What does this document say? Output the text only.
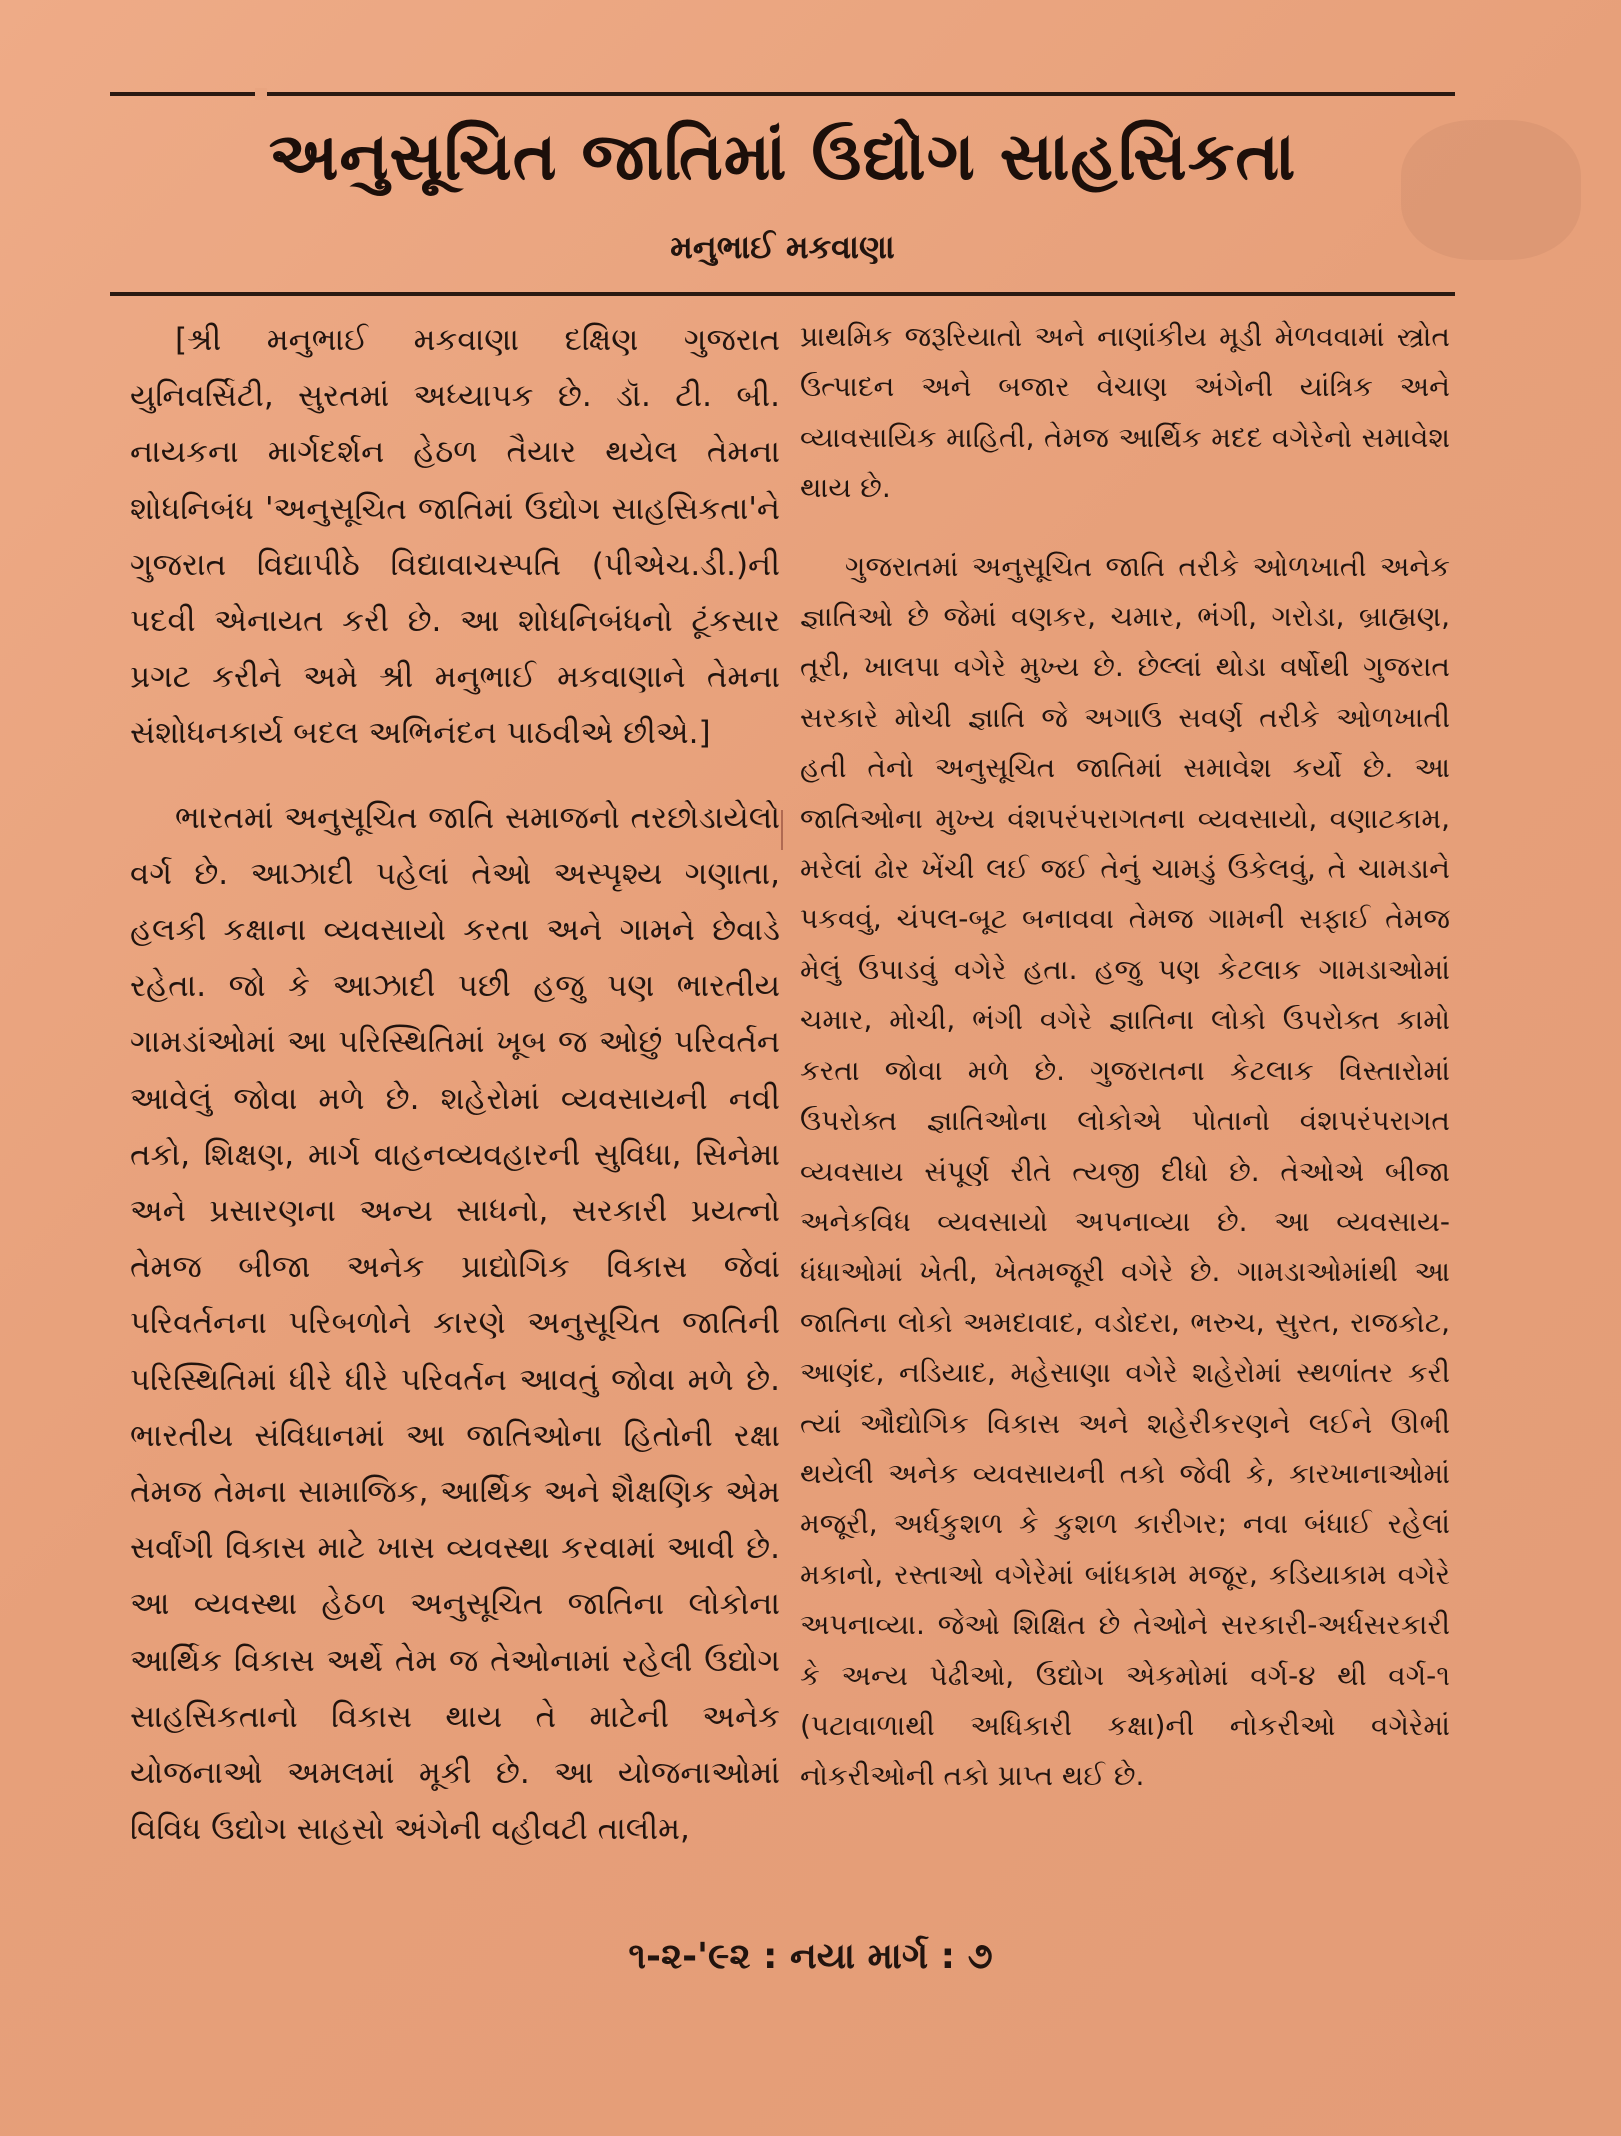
અનુસૂચિત જાતિમાં ઉદ્યોગ સાહસિકતા
મનુભાઈ મકવાણા

[શ્રી મનુભાઈ મકવાણા દક્ષિણ ગુજરાત યુનિવર્સિટી, સુરતમાં અધ્યાપક છે. ડૉ. ટી. બી. નાયકના માર્ગદર્શન હેઠળ તૈયાર થયેલ તેમના શોધનિબંધ 'અનુસૂચિત જાતિમાં ઉદ્યોગ સાહસિકતા'ને ગુજરાત વિદ્યાપીઠે વિદ્યાવાચસ્પતિ (પીએચ.ડી.)ની પદવી એનાયત કરી છે. આ શોધનિબંધનો ટૂંકસાર પ્રગટ કરીને અમે શ્રી મનુભાઈ મકવાણાને તેમના સંશોધનકાર્ય બદલ અભિનંદન પાઠવીએ છીએ.]

ભારતમાં અનુસૂચિત જાતિ સમાજનો તરછોડાયેલો વર્ગ છે. આઝાદી પહેલાં તેઓ અસ્પૃશ્ય ગણાતા, હલકી કક્ષાના વ્યવસાયો કરતા અને ગામને છેવાડે રહેતા. જો કે આઝાદી પછી હજુ પણ ભારતીય ગામડાંઓમાં આ પરિસ્થિતિમાં ખૂબ જ ઓછું પરિવર્તન આવેલું જોવા મળે છે. શહેરોમાં વ્યવસાયની નવી તકો, શિક્ષણ, માર્ગ વાહનવ્યવહારની સુવિધા, સિનેમા અને પ્રસારણના અન્ય સાધનો, સરકારી પ્રયત્નો તેમજ બીજા અનેક પ્રાદ્યોગિક વિકાસ જેવાં પરિવર્તનના પરિબળોને કારણે અનુસૂચિત જાતિની પરિસ્થિતિમાં ધીરે ધીરે પરિવર્તન આવતું જોવા મળે છે. ભારતીય સંવિધાનમાં આ જાતિઓના હિતોની રક્ષા તેમજ તેમના સામાજિક, આર્થિક અને શૈક્ષણિક એમ સર્વાંગી વિકાસ માટે ખાસ વ્યવસ્થા કરવામાં આવી છે. આ વ્યવસ્થા હેઠળ અનુસૂચિત જાતિના લોકોના આર્થિક વિકાસ અર્થે તેમ જ તેઓનામાં રહેલી ઉદ્યોગ સાહસિકતાનો વિકાસ થાય તે માટેની અનેક યોજનાઓ અમલમાં મૂકી છે. આ યોજનાઓમાં વિવિધ ઉદ્યોગ સાહસો અંગેની વહીવટી તાલીમ,

પ્રાથમિક જરૂરિયાતો અને નાણાંકીય મૂડી મેળવવામાં સ્ત્રોત ઉત્પાદન અને બજાર વેચાણ અંગેની યાંત્રિક અને વ્યાવસાયિક માહિતી, તેમજ આર્થિક મદદ વગેરેનો સમાવેશ થાય છે.

ગુજરાતમાં અનુસૂચિત જાતિ તરીકે ઓળખાતી અનેક જ્ઞાતિઓ છે જેમાં વણકર, ચમાર, ભંગી, ગરોડા, બ્રાહ્મણ, તૂરી, ખાલપા વગેરે મુખ્ય છે. છેલ્લાં થોડા વર્ષોથી ગુજરાત સરકારે મોચી જ્ઞાતિ જે અગાઉ સવર્ણ તરીકે ઓળખાતી હતી તેનો અનુસૂચિત જાતિમાં સમાવેશ કર્યો છે. આ જાતિઓના મુખ્ય વંશપરંપરાગતના વ્યવસાયો, વણાટકામ, મરેલાં ઢોર ખેંચી લઈ જઈ તેનું ચામડું ઉકેલવું, તે ચામડાને પકવવું, ચંપલ-બૂટ બનાવવા તેમજ ગામની સફાઈ તેમજ મેલું ઉપાડવું વગેરે હતા. હજુ પણ કેટલાક ગામડાઓમાં ચમાર, મોચી, ભંગી વગેરે જ્ઞાતિના લોકો ઉપરોક્ત કામો કરતા જોવા મળે છે. ગુજરાતના કેટલાક વિસ્તારોમાં ઉપરોક્ત જ્ઞાતિઓના લોકોએ પોતાનો વંશપરંપરાગત વ્યવસાય સંપૂર્ણ રીતે ત્યજી દીધો છે. તેઓએ બીજા અનેકવિધ વ્યવસાયો અપનાવ્યા છે. આ વ્યવસાય-ધંધાઓમાં ખેતી, ખેતમજૂરી વગેરે છે. ગામડાઓમાંથી આ જાતિના લોકો અમદાવાદ, વડોદરા, ભરુચ, સુરત, રાજકોટ, આણંદ, નડિયાદ, મહેસાણા વગેરે શહેરોમાં સ્થળાંતર કરી ત્યાં ઔદ્યોગિક વિકાસ અને શહેરીકરણને લઈને ઊભી થયેલી અનેક વ્યવસાયની તકો જેવી કે, કારખાનાઓમાં મજૂરી, અર્ધકુશળ કે કુશળ કારીગર; નવા બંધાઈ રહેલાં મકાનો, રસ્તાઓ વગેરેમાં બાંધકામ મજૂર, કડિયાકામ વગેરે અપનાવ્યા. જેઓ શિક્ષિત છે તેઓને સરકારી-અર્ધસરકારી કે અન્ય પેઢીઓ, ઉદ્યોગ એકમોમાં વર્ગ-૪ થી વર્ગ-૧ (પટાવાળાથી અધિકારી કક્ષા)ની નોકરીઓ વગેરેમાં નોકરીઓની તકો પ્રાપ્ત થઈ છે.

૧-૨-'૯૨ : નયા માર્ગ : ૭
